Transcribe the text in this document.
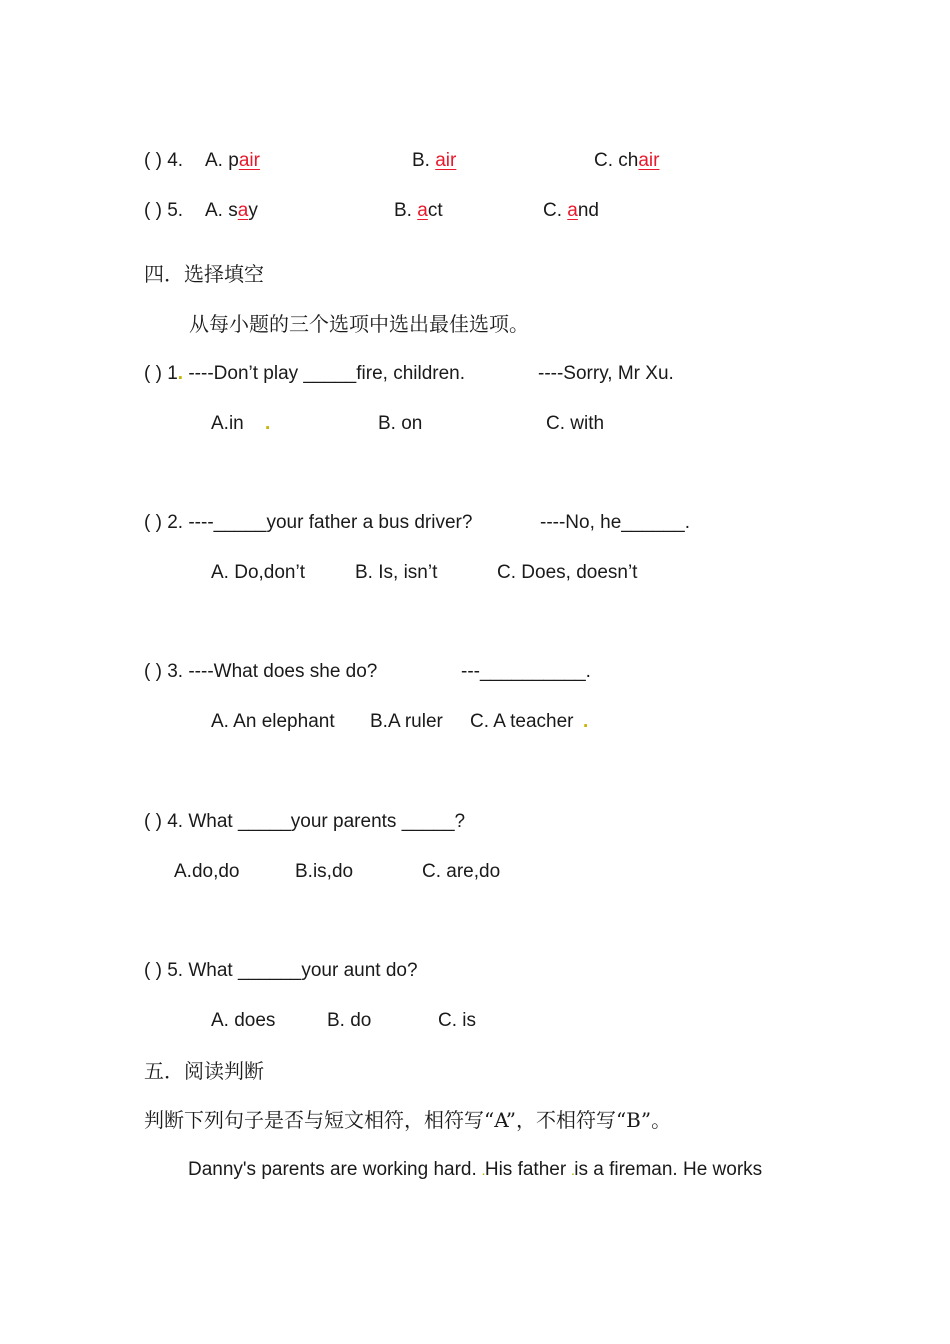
( ) 4. A. pair	B. air	C. chair
( ) 5. A. say	B. act	C. and
四．选择填空
从每小题的三个选项中选出最佳选项。
( ) 1. ----Don’t play _____fire, children.	----Sorry, Mr Xu.
A.in .	B. on	C. with
( ) 2. ----_____your father a bus driver?	----No, he______.
A. Do,don’t	B. Is, isn’t	C. Does, doesn’t
( ) 3. ----What does she do?	---__________.
A. An elephant B.A ruler C. A teacher .
( ) 4. What _____your parents _____?
A.do,do	B.is,do	C. are,do
( ) 5. What ______your aunt do?
A. does	B. do	C. is
五．阅读判断
判断下列句子是否与短文相符，相符写“A”，不相符写“B”。
Danny's parents are working hard. .His father .is a fireman. He works
